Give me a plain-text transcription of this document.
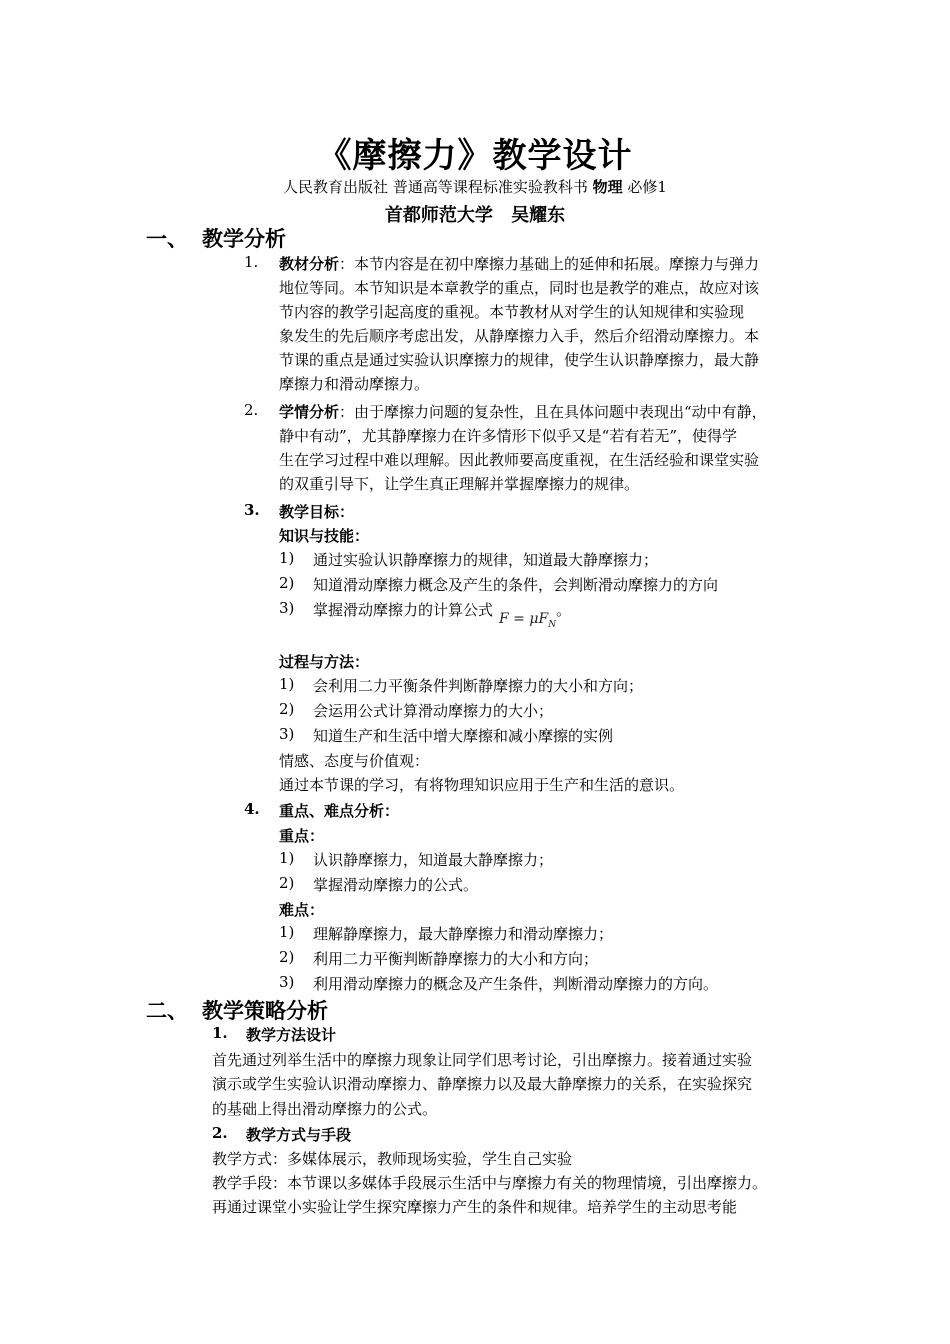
《摩擦力》教学设计
人民教育出版社 普通高等课程标准实验教科书 物理 必修1
首都师范大学 吴耀东
一、 教学分析
1. 教材分析：本节内容是在初中摩擦力基础上的延伸和拓展。摩擦力与弹力
地位等同。本节知识是本章教学的重点，同时也是教学的难点，故应对该
节内容的教学引起高度的重视。本节教材从对学生的认知规律和实验现
象发生的先后顺序考虑出发，从静摩擦力入手，然后介绍滑动摩擦力。本
节课的重点是通过实验认识摩擦力的规律，使学生认识静摩擦力，最大静
摩擦力和滑动摩擦力。
2. 学情分析：由于摩擦力问题的复杂性，且在具体问题中表现出“动中有静，
静中有动”，尤其静摩擦力在许多情形下似乎又是“若有若无”，使得学
生在学习过程中难以理解。因此教师要高度重视，在生活经验和课堂实验
的双重引导下，让学生真正理解并掌握摩擦力的规律。
3. 教学目标：
知识与技能：
1) 通过实验认识静摩擦力的规律，知道最大静摩擦力；
2) 知道滑动摩擦力概念及产生的条件，会判断滑动摩擦力的方向
3) 掌握滑动摩擦力的计算公式 $F = \mu F_N$。
过程与方法：
1) 会利用二力平衡条件判断静摩擦力的大小和方向；
2) 会运用公式计算滑动摩擦力的大小；
3) 知道生产和生活中增大摩擦和减小摩擦的实例
情感、态度与价值观：
通过本节课的学习，有将物理知识应用于生产和生活的意识。
4. 重点、难点分析：
重点：
1) 认识静摩擦力，知道最大静摩擦力；
2) 掌握滑动摩擦力的公式。
难点：
1) 理解静摩擦力，最大静摩擦力和滑动摩擦力；
2) 利用二力平衡判断静摩擦力的大小和方向；
3) 利用滑动摩擦力的概念及产生条件，判断滑动摩擦力的方向。
二、 教学策略分析
1. 教学方法设计
首先通过列举生活中的摩擦力现象让同学们思考讨论，引出摩擦力。接着通过实验
演示或学生实验认识滑动摩擦力、静摩擦力以及最大静摩擦力的关系，在实验探究
的基础上得出滑动摩擦力的公式。
2. 教学方式与手段
教学方式：多媒体展示，教师现场实验，学生自己实验
教学手段：本节课以多媒体手段展示生活中与摩擦力有关的物理情境，引出摩擦力。
再通过课堂小实验让学生探究摩擦力产生的条件和规律。培养学生的主动思考能
